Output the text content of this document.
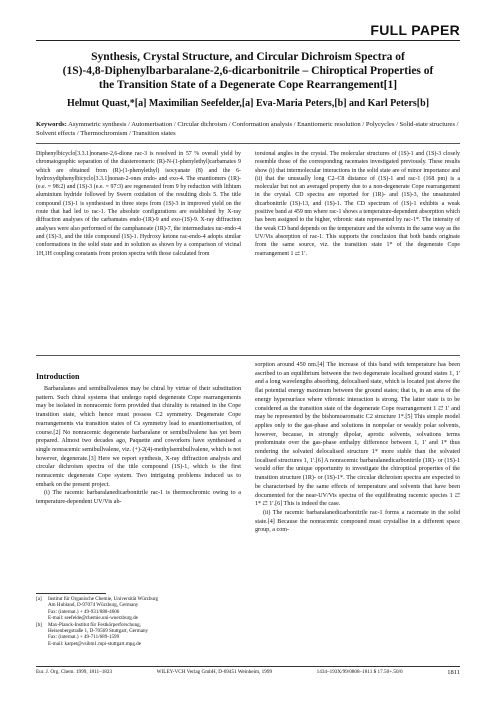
FULL PAPER
Synthesis, Crystal Structure, and Circular Dichroism Spectra of
(1S)-4,8-Diphenylbarbaralane-2,6-dicarbonitrile – Chiroptical Properties of
the Transition State of a Degenerate Cope Rearrangement[1]
Helmut Quast,*[a] Maximilian Seefelder,[a] Eva-Maria Peters,[b] and Karl Peters[b]
Keywords: Asymmetric synthesis / Automerisation / Circular dichroism / Conformation analysis / Enantiomeric resolution / Polycycles / Solid-state structures / Solvent effects / Thermochromism / Transition states
Diphenylbicyclo[3.3.1]nonane-2,6-dione rac-3 is resolved in 57 % overall yield by chromatographic separation of the diastereomeric (R)-N-(1-phenylethyl)carbamates 9 which are obtained from (R)-(1-phenylethyl) isocyanate (8) and the 6-hydroxydiphenylbicyclo[3.3.1]nonan-2-ones endo- and exo-4. The enantiomers (1R)- (e.e. = 98:2) and (1S)-3 (e.e. = 97:3) are regenerated from 9 by reduction with lithium aluminium hydride followed by Swern oxidation of the resulting diols 5. The title compound (1S)-1 is synthesised in three steps from (1S)-3 in improved yield on the route that had led to rac-1. The absolute configurations are established by X-ray diffraction analyses of the carbamates endo-(1R)-9 and exo-(1S)-9. X-ray diffraction analyses were also performed of the camphanoate (1R)-7, the intermediates rac-endo-4 and (1S)-3, and the title compound (1S)-1. Hydroxy ketone rac-endo-4 adopts similar conformations in the solid state and in solution as shown by a comparison of vicinal 1H,1H coupling constants from proton spectra with those calculated from
torsional angles in the crystal. The molecular structures of (1S)-1 and (1S)-3 closely resemble those of the corresponding racemates investigated previously. These results show (i) that intermolecular interactions in the solid state are of minor importance and (ii) that the unusually long C2–C8 distance of (1S)-1 and rac-1 (168 pm) is a molecular but not an averaged property due to a non-degenerate Cope rearrangement in the crystal. CD spectra are reported for (1R)- and (1S)-3, the unsaturated dicarbonitrile (1S)-13, and (1S)-1. The CD spectrum of (1S)-1 exhibits a weak positive band at 459 nm where rac-1 shows a temperature-dependent absorption which has been assigned to the higher, vibronic state represented by rac-1*. The intensity of the weak CD band depends on the temperature and the solvents in the same way as the UV/Vis absorption of rac-1. This supports the conclusion that both bands originate from the same source, viz. the transition state 1* of the degenerate Cope rearrangement 1 ⇄ 1′.
Introduction

Barbaralanes and semibullvalenes may be chiral by virtue of their substitution pattern. Such chiral systems that undergo rapid degenerate Cope rearrangements may be isolated in nonracemic form provided that chirality is retained in the Cope transition state, which hence must possess C2 symmetry. Degenerate Cope rearrangements via transition states of Cs symmetry lead to enantiomerisation, of course.[2] No nonracemic degenerate barbaralane or semibullvalene has yet been prepared. Almost two decades ago, Paquette and coworkers have synthesised a single nonracemic semibullvalene, viz. (+)-2(4)-methylsemibullvalene, which is not however, degenerate.[3] Here we report synthesis, X-ray diffraction analysis and circular dichroism spectra of the title compound (1S)-1, which is the first nonracemic degenerate Cope system. Two intriguing problems induced us to embark on the present project.

(i) The racemic barbaralanedicarbonitrile rac-1 is thermochromic owing to a temperature-dependent UV/Vis ab-

sorption around 450 nm.[4] The increase of this band with temperature has been ascribed to an equilibrium between the two degenerate localised ground states 1, 1′ and a long wavelengths absorbing, delocalised state, which is located just above the flat potential energy maximum between the ground states; that is, in an area of the energy hypersurface where vibronic interaction is strong. The latter state is to be considered as the transition state of the degenerate Cope rearrangement 1 ⇄ 1′ and may be represented by the bishomoaromatic C2 structure 1*.[5] This simple model applies only to the gas-phase and solutions in nonpolar or weakly polar solvents, however, because, in strongly dipolar, aprotic solvents, solvations terms predominate over the gas-phase enthalpy difference between 1, 1′ and 1* thus rendering the solvated delocalised structure 1* more stable than the solvated localised structures 1, 1′.[6] A nonracemic barbaralanedicarbonitrile (1R)- or (1S)-1 would offer the unique opportunity to investigate the chiroptical properties of the transition structure (1R)- or (1S)-1*. The circular dichroism spectra are expected to be characterised by the same effects of temperature and solvents that have been documented for the near-UV/Vis spectra of the equilibrating racemic species 1 ⇄ 1* ⇄ 1′.[6] This is indeed the case.

(ii) The racemic barbaralanedicarbonitrile rac-1 forms a racemate in the solid state.[4] Because the nonracemic compound must crystallise in a different space group, a com-

[a]	Institut für Organische Chemie, Universität Würzburg
Am Hubland, D-97074 Würzburg, Germany
Fax: (internat.) + 49-931/888-4606
E-mail: seefelde@chemie.uni-wuerzburg.de
[b]	Max-Planck-Institut für Festkörperforschung,
Heisenbergstraße 1, D-70569 Stuttgart, Germany
Fax: (internat.) + 49-711/689-1599
E-mail: karpet@vsibm1.mpi-stuttgart.mpg.de
Eur. J. Org. Chem. 1999, 1811–1823	WILEY-VCH Verlag GmbH, D-69451 Weinheim, 1999	1434–193X/99/0808–1811 $ 17.50+.50/0	1811
